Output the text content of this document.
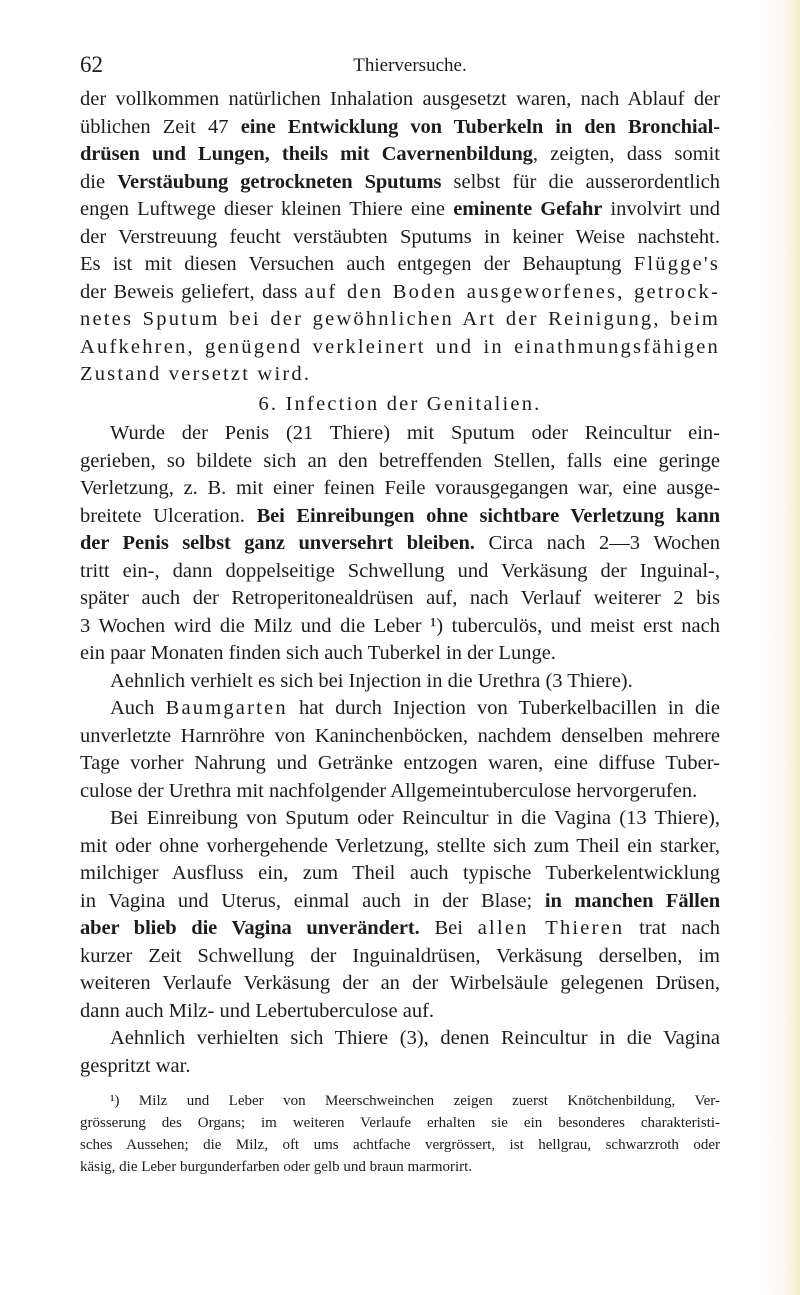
62	Thierversuche.
der vollkommen natürlichen Inhalation ausgesetzt waren, nach Ablauf der
üblichen Zeit 47 eine Entwicklung von Tuberkeln in den Bronchial-
drüsen und Lungen, theils mit Cavernenbildung, zeigten, dass somit
die Verstäubung getrockneten Sputums selbst für die ausserordentlich
engen Luftwege dieser kleinen Thiere eine eminente Gefahr involvirt und
der Verstreuung feucht verstäubten Sputums in keiner Weise nachsteht.
Es ist mit diesen Versuchen auch entgegen der Behauptung Flügge's
der Beweis geliefert, dass auf den Boden ausgeworfenes, getrock-
netes Sputum bei der gewöhnlichen Art der Reinigung, beim
Aufkehren, genügend verkleinert und in einathmungsfähigen
Zustand versetzt wird.
6. Infection der Genitalien.
Wurde der Penis (21 Thiere) mit Sputum oder Reincultur ein-
gerieben, so bildete sich an den betreffenden Stellen, falls eine geringe
Verletzung, z. B. mit einer feinen Feile vorausgegangen war, eine ausge-
breitete Ulceration. Bei Einreibungen ohne sichtbare Verletzung kann
der Penis selbst ganz unversehrt bleiben. Circa nach 2—3 Wochen
tritt ein-, dann doppelseitige Schwellung und Verkäsung der Inguinal-,
später auch der Retroperitonealdrüsen auf, nach Verlauf weiterer 2 bis
3 Wochen wird die Milz und die Leber ¹) tuberculös, und meist erst nach
ein paar Monaten finden sich auch Tuberkel in der Lunge.
Aehnlich verhielt es sich bei Injection in die Urethra (3 Thiere).
Auch Baumgarten hat durch Injection von Tuberkelbacillen in die
unverletzte Harnröhre von Kaninchenböcken, nachdem denselben mehrere
Tage vorher Nahrung und Getränke entzogen waren, eine diffuse Tuber-
culose der Urethra mit nachfolgender Allgemeintuberculose hervorgerufen.
Bei Einreibung von Sputum oder Reincultur in die Vagina (13 Thiere),
mit oder ohne vorhergehende Verletzung, stellte sich zum Theil ein starker,
milchiger Ausfluss ein, zum Theil auch typische Tuberkelentwicklung
in Vagina und Uterus, einmal auch in der Blase; in manchen Fällen
aber blieb die Vagina unverändert. Bei allen Thieren trat nach
kurzer Zeit Schwellung der Inguinaldrüsen, Verkäsung derselben, im
weiteren Verlaufe Verkäsung der an der Wirbelsäule gelegenen Drüsen,
dann auch Milz- und Lebertuberculose auf.
Aehnlich verhielten sich Thiere (3), denen Reincultur in die Vagina
gespritzt war.
¹) Milz und Leber von Meerschweinchen zeigen zuerst Knötchenbildung, Ver-
grösserung des Organs; im weiteren Verlaufe erhalten sie ein besonderes charakteristi-
sches Aussehen; die Milz, oft ums achtfache vergrössert, ist hellgrau, schwarzroth oder
käsig, die Leber burgunderfarben oder gelb und braun marmorirt.
